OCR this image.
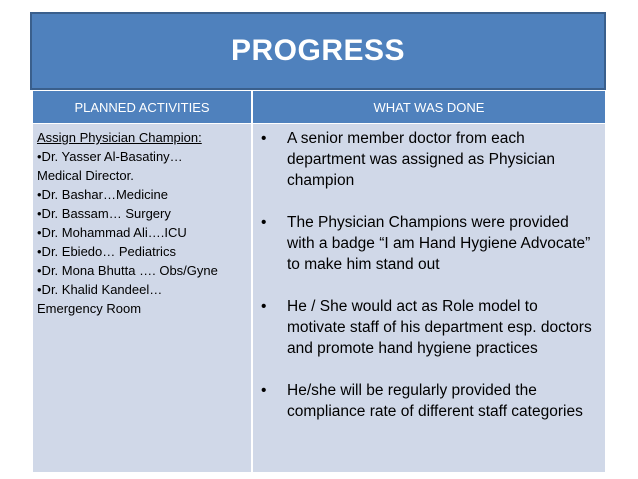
PROGRESS
PLANNED ACTIVITIES	WHAT WAS DONE
Assign Physician Champion:
•Dr. Yasser Al-Basatiny…
Medical Director.
•Dr. Bashar…Medicine
•Dr. Bassam… Surgery
•Dr. Mohammad Ali….ICU
•Dr. Ebiedo… Pediatrics
•Dr. Mona Bhutta …. Obs/Gyne
•Dr. Khalid Kandeel…
Emergency Room
• A senior member doctor from each department was assigned as Physician champion
• The Physician Champions were provided with a badge “I am Hand Hygiene Advocate” to make him stand out
• He / She would act as Role model to motivate staff of his department esp. doctors and promote hand hygiene practices
• He/she will be regularly provided the compliance rate of different staff categories
